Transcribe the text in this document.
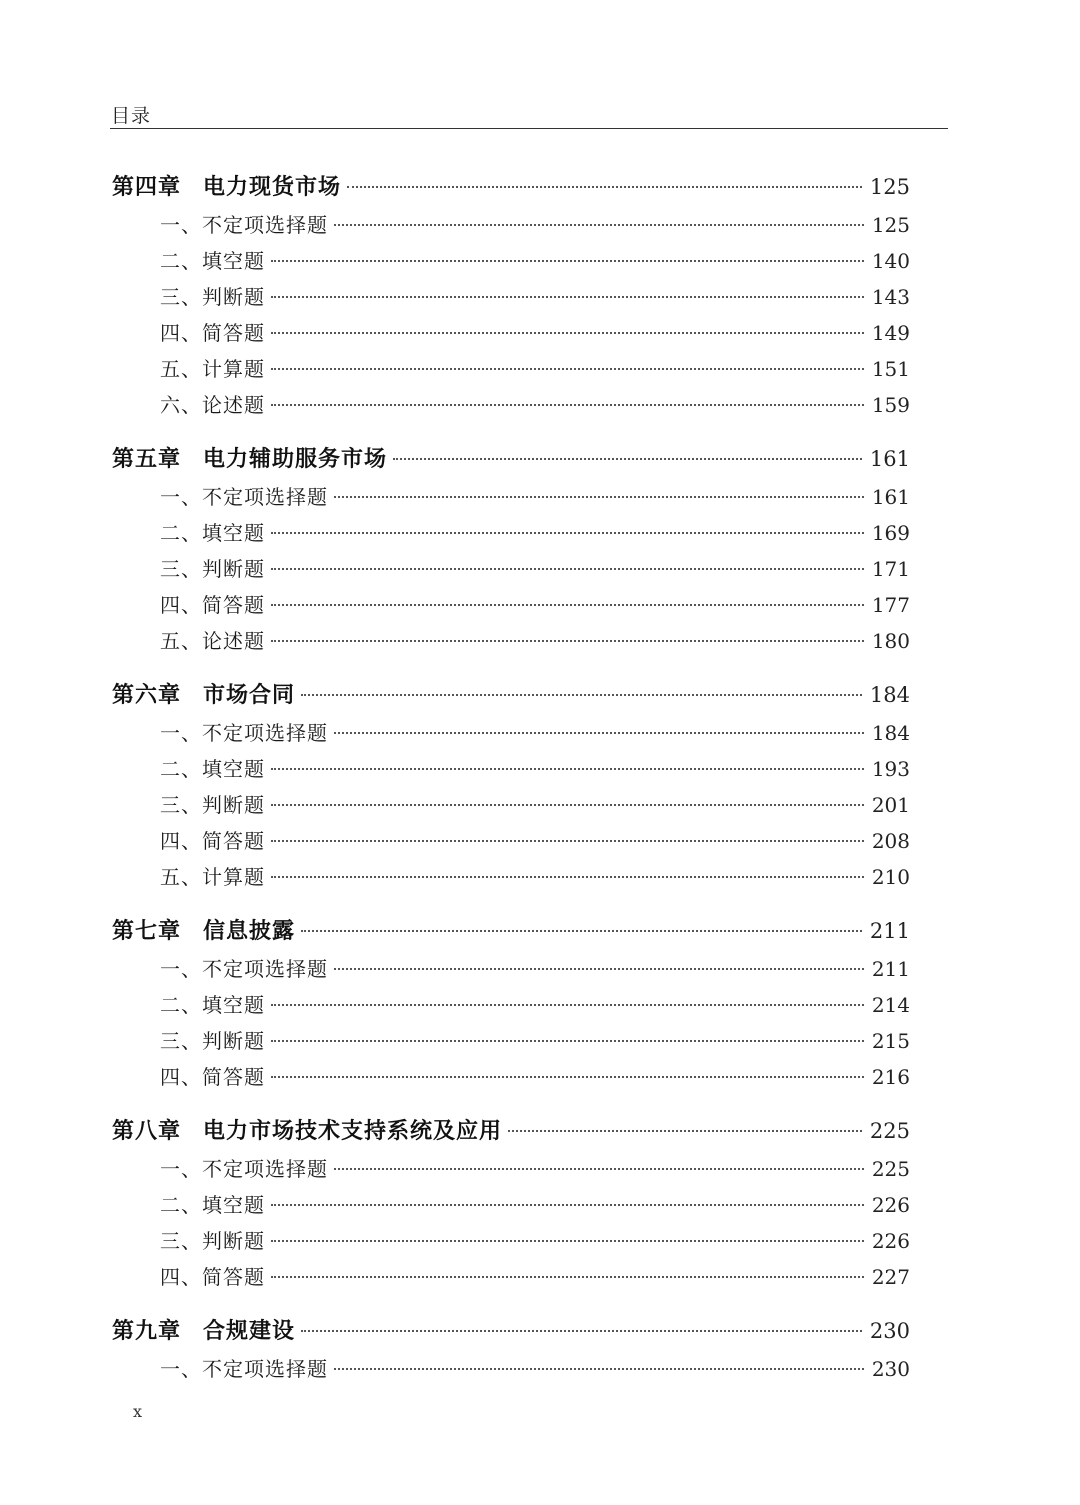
目录
第四章 电力现货市场	125
一、不定项选择题	125
二、填空题	140
三、判断题	143
四、简答题	149
五、计算题	151
六、论述题	159
第五章 电力辅助服务市场	161
一、不定项选择题	161
二、填空题	169
三、判断题	171
四、简答题	177
五、论述题	180
第六章 市场合同	184
一、不定项选择题	184
二、填空题	193
三、判断题	201
四、简答题	208
五、计算题	210
第七章 信息披露	211
一、不定项选择题	211
二、填空题	214
三、判断题	215
四、简答题	216
第八章 电力市场技术支持系统及应用	225
一、不定项选择题	225
二、填空题	226
三、判断题	226
四、简答题	227
第九章 合规建设	230
一、不定项选择题	230
x
